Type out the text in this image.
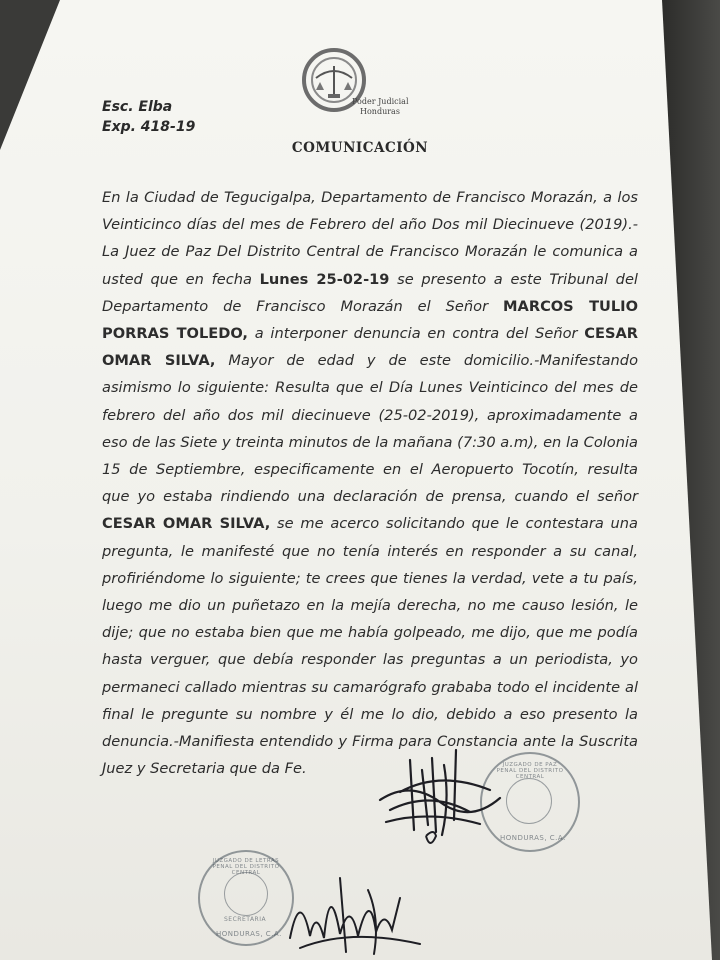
Esc. Elba
Exp. 418-19
Poder Judicial
Honduras
COMUNICACIÓN

En la Ciudad de Tegucigalpa, Departamento de Francisco Morazán, a los Veinticinco días del mes de Febrero del año Dos mil Diecinueve (2019).-La Juez de Paz Del Distrito Central de Francisco Morazán le comunica a usted que en fecha Lunes 25-02-19 se presento a este Tribunal del Departamento de Francisco Morazán el Señor MARCOS TULIO PORRAS TOLEDO, a interponer denuncia en contra del Señor CESAR OMAR SILVA, Mayor de edad y de este domicilio.-Manifestando asimismo lo siguiente: Resulta que el Día Lunes Veinticinco del mes de febrero del año dos mil diecinueve (25-02-2019), aproximadamente a eso de las Siete y treinta minutos de la mañana (7:30 a.m), en la Colonia 15 de Septiembre, especificamente en el Aeropuerto Tocotín, resulta que yo estaba rindiendo una declaración de prensa, cuando el señor CESAR OMAR SILVA, se me acerco solicitando que le contestara una pregunta, le manifesté que no tenía interés en responder a su canal, profiriéndome lo siguiente; te crees que tienes la verdad, vete a tu país, luego me dio un puñetazo en la mejía derecha, no me causo lesión, le dije; que no estaba bien que me había golpeado, me dijo, que me podía hasta verguer, que debía responder las preguntas a un periodista, yo permaneci callado mientras su camarógrafo grababa todo el incidente al final le pregunte su nombre y él me lo dio, debido a eso presento la denuncia.-Manifiesta entendido y Firma para Constancia ante la Suscrita Juez y Secretaria que da Fe.	JUZGADO DE PAZ PENAL DEL DISTRITO CENTRAL
HONDURAS, C.A.
JUZGADO DE LETRAS PENAL DEL DISTRITO CENTRAL
SECRETARIA
HONDURAS, C.A.
